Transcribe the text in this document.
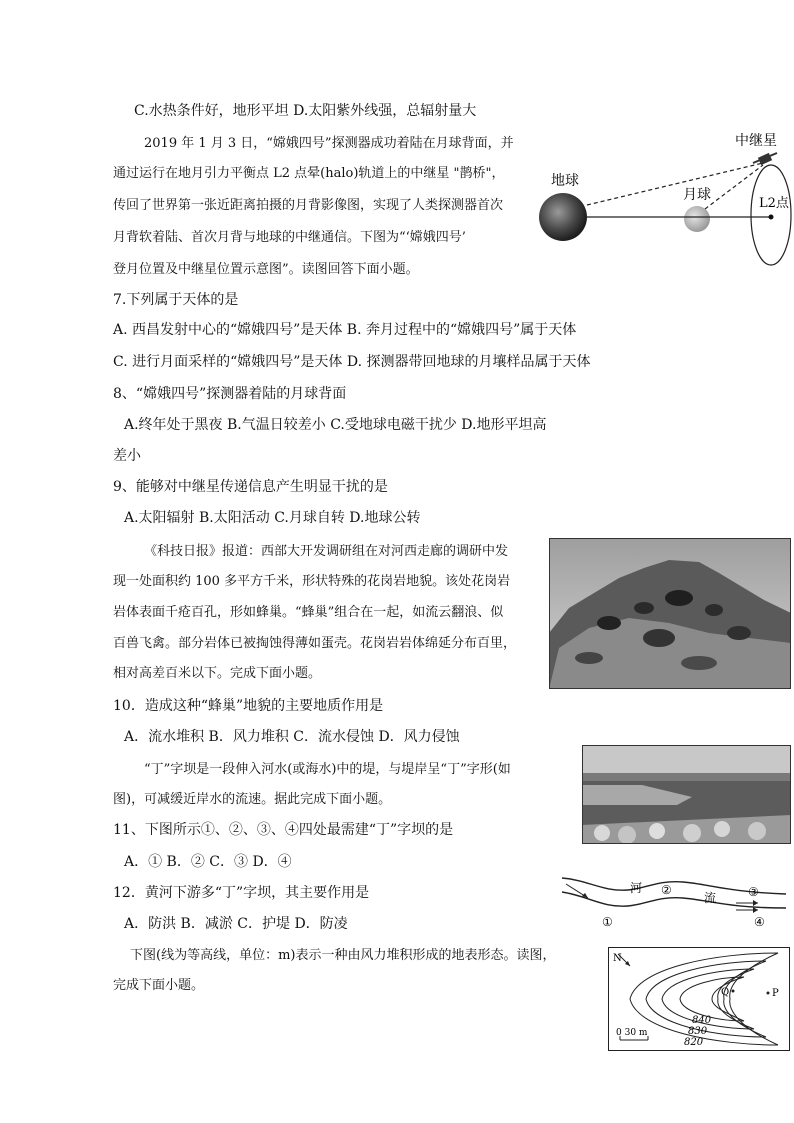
C.水热条件好，地形平坦 D.太阳紫外线强，总辐射量大
2019 年 1 月 3 日，“嫦娥四号”探测器成功着陆在月球背面，并
通过运行在地月引力平衡点 L2 点晕(halo)轨道上的中继星 "鹊桥"，
传回了世界第一张近距离拍摄的月背影像图，实现了人类探测器首次
月背软着陆、首次月背与地球的中继通信。下图为“‘嫦娥四号’
登月位置及中继星位置示意图”。读图回答下面小题。
7.下列属于天体的是
A. 西昌发射中心的“嫦娥四号”是天体 B. 奔月过程中的“嫦娥四号”属于天体
C. 进行月面采样的“嫦娥四号”是天体 D. 探测器带回地球的月壤样品属于天体
8、“嫦娥四号”探测器着陆的月球背面
A.终年处于黑夜 B.气温日较差小 C.受地球电磁干扰少 D.地形平坦高
差小
9、能够对中继星传递信息产生明显干扰的是
A.太阳辐射 B.太阳活动 C.月球自转 D.地球公转
《科技日报》报道：西部大开发调研组在对河西走廊的调研中发
现一处面积约 100 多平方千米，形状特殊的花岗岩地貌。该处花岗岩
岩体表面千疮百孔，形如蜂巢。“蜂巢”组合在一起，如流云翻浪、似
百兽飞禽。部分岩体已被掏蚀得薄如蛋壳。花岗岩岩体绵延分布百里，
相对高差百米以下。完成下面小题。
10．造成这种“蜂巢”地貌的主要地质作用是
A．流水堆积 B．风力堆积 C．流水侵蚀 D．风力侵蚀
“丁”字坝是一段伸入河水(或海水)中的堤，与堤岸呈“丁”字形(如
图)，可减缓近岸水的流速。据此完成下面小题。
11、下图所示①、②、③、④四处最需建“丁”字坝的是
A．① B．② C．③ D．④
12．黄河下游多“丁”字坝，其主要作用是
A．防洪 B．减淤 C．护堤 D．防凌
下图(线为等高线，单位：m)表示一种由风力堆积形成的地表形态。读图，
完成下面小题。
中继星
地球
月球
L2点
河
流
①
②	③
④
N
Q	P
840
830
820
0 30 m
